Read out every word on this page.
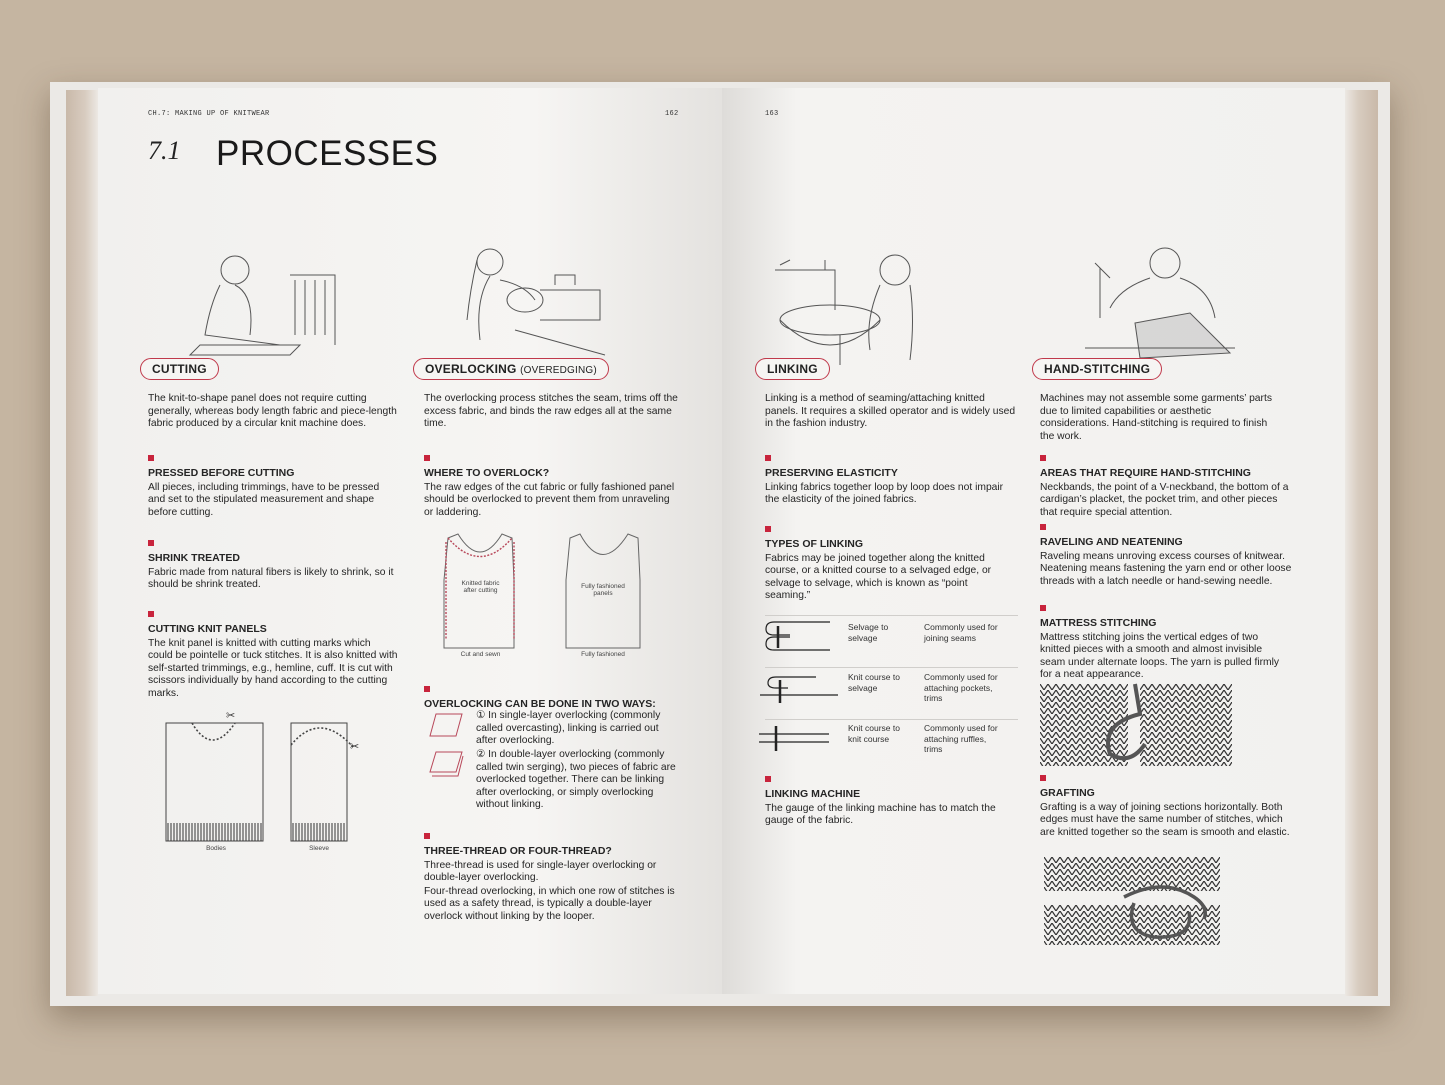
CH.7: MAKING UP OF KNITWEAR	162	163
7.1 PROCESSES
CUTTING	OVERLOCKING (OVEREDGING)	LINKING	HAND-STITCHING
The knit-to-shape panel does not require cutting generally, whereas body length fabric and piece-length fabric produced by a circular knit machine does.
PRESSED BEFORE CUTTING
All pieces, including trimmings, have to be pressed and set to the stipulated measurement and shape before cutting.
SHRINK TREATED
Fabric made from natural fibers is likely to shrink, so it should be shrink treated.
CUTTING KNIT PANELS
The knit panel is knitted with cutting marks which could be pointelle or tuck stitches. It is also knitted with self-started trimmings, e.g., hemline, cuff. It is cut with scissors individually by hand according to the cutting marks.
✂
✂
Bodies	Sleeve
The overlocking process stitches the seam, trims off the excess fabric, and binds the raw edges all at the same time.
WHERE TO OVERLOCK?
The raw edges of the cut fabric or fully fashioned panel should be overlocked to prevent them from unraveling or laddering.
Knitted fabric after cutting
Cut and sewn
Fully fashioned panels
Fully fashioned
OVERLOCKING CAN BE DONE IN TWO WAYS:
① In single-layer overlocking (commonly called overcasting), linking is carried out after overlocking.
② In double-layer overlocking (commonly called twin serging), two pieces of fabric are overlocked together. There can be linking after overlocking, or simply overlocking without linking.
THREE-THREAD OR FOUR-THREAD?
Three-thread is used for single-layer overlocking or double-layer overlocking.
Four-thread overlocking, in which one row of stitches is used as a safety thread, is typically a double-layer overlock without linking by the looper.
Linking is a method of seaming/attaching knitted panels. It requires a skilled operator and is widely used in the fashion industry.
PRESERVING ELASTICITY
Linking fabrics together loop by loop does not impair the elasticity of the joined fabrics.
TYPES OF LINKING
Fabrics may be joined together along the knitted course, or a knitted course to a selvaged edge, or selvage to selvage, which is known as “point seaming.”
Selvage to selvage
Commonly used for joining seams
Knit course to selvage
Commonly used for attaching pockets, trims
Knit course to knit course
Commonly used for attaching ruffles, trims
LINKING MACHINE
The gauge of the linking machine has to match the gauge of the fabric.
Machines may not assemble some garments’ parts due to limited capabilities or aesthetic considerations. Hand-stitching is required to finish the work.
AREAS THAT REQUIRE HAND-STITCHING
Neckbands, the point of a V-neckband, the bottom of a cardigan’s placket, the pocket trim, and other pieces that require special attention.
RAVELING AND NEATENING
Raveling means unroving excess courses of knitwear. Neatening means fastening the yarn end or other loose threads with a latch needle or hand-sewing needle.
MATTRESS STITCHING
Mattress stitching joins the vertical edges of two knitted pieces with a smooth and almost invisible seam under alternate loops. The yarn is pulled firmly for a neat appearance.
GRAFTING
Grafting is a way of joining sections horizontally. Both edges must have the same number of stitches, which are knitted together so the seam is smooth and elastic.
